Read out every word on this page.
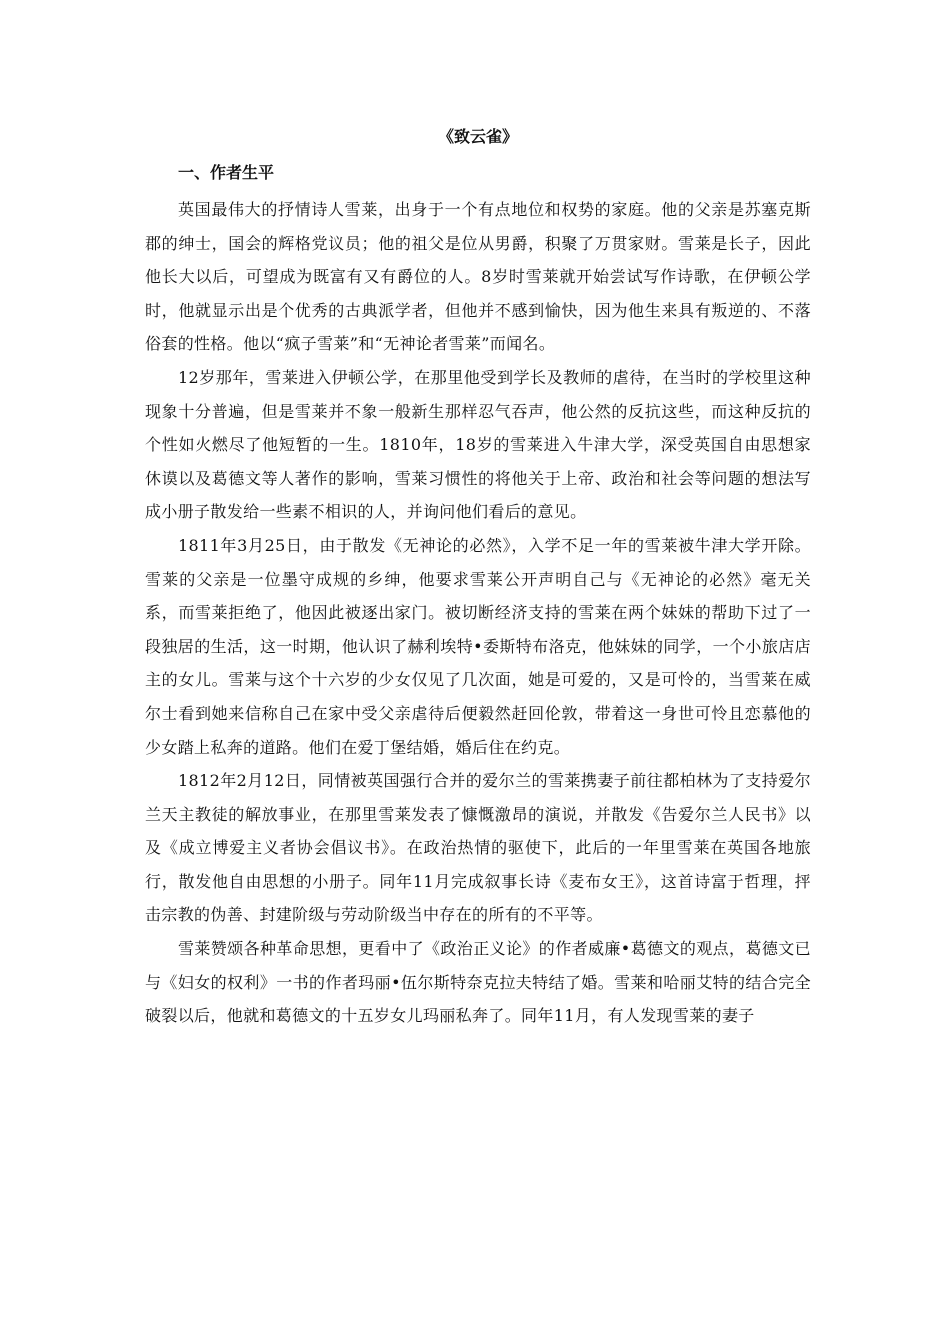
《致云雀》
一、作者生平

英国最伟大的抒情诗人雪莱，出身于一个有点地位和权势的家庭。他的父亲是苏塞克斯郡的绅士，国会的辉格党议员；他的祖父是位从男爵，积聚了万贯家财。雪莱是长子，因此他长大以后，可望成为既富有又有爵位的人。8岁时雪莱就开始尝试写作诗歌，在伊顿公学时，他就显示出是个优秀的古典派学者，但他并不感到愉快，因为他生来具有叛逆的、不落俗套的性格。他以“疯子雪莱”和“无神论者雪莱”而闻名。

12岁那年，雪莱进入伊顿公学，在那里他受到学长及教师的虐待，在当时的学校里这种现象十分普遍，但是雪莱并不象一般新生那样忍气吞声，他公然的反抗这些，而这种反抗的个性如火燃尽了他短暂的一生。1810年，18岁的雪莱进入牛津大学，深受英国自由思想家休谟以及葛德文等人著作的影响，雪莱习惯性的将他关于上帝、政治和社会等问题的想法写成小册子散发给一些素不相识的人，并询问他们看后的意见。

1811年3月25日，由于散发《无神论的必然》，入学不足一年的雪莱被牛津大学开除。雪莱的父亲是一位墨守成规的乡绅，他要求雪莱公开声明自己与《无神论的必然》毫无关系，而雪莱拒绝了，他因此被逐出家门。被切断经济支持的雪莱在两个妹妹的帮助下过了一段独居的生活，这一时期，他认识了赫利埃特•委斯特布洛克，他妹妹的同学，一个小旅店店主的女儿。雪莱与这个十六岁的少女仅见了几次面，她是可爱的，又是可怜的，当雪莱在威尔士看到她来信称自己在家中受父亲虐待后便毅然赶回伦敦，带着这一身世可怜且恋慕他的少女踏上私奔的道路。他们在爱丁堡结婚，婚后住在约克。

1812年2月12日，同情被英国强行合并的爱尔兰的雪莱携妻子前往都柏林为了支持爱尔兰天主教徒的解放事业，在那里雪莱发表了慷慨激昂的演说，并散发《告爱尔兰人民书》以及《成立博爱主义者协会倡议书》。在政治热情的驱使下，此后的一年里雪莱在英国各地旅行，散发他自由思想的小册子。同年11月完成叙事长诗《麦布女王》，这首诗富于哲理，抨击宗教的伪善、封建阶级与劳动阶级当中存在的所有的不平等。

雪莱赞颂各种革命思想，更看中了《政治正义论》的作者威廉•葛德文的观点，葛德文已与《妇女的权利》一书的作者玛丽•伍尔斯特奈克拉夫特结了婚。雪莱和哈丽艾特的结合完全破裂以后，他就和葛德文的十五岁女儿玛丽私奔了。同年11月，有人发现雪莱的妻子
